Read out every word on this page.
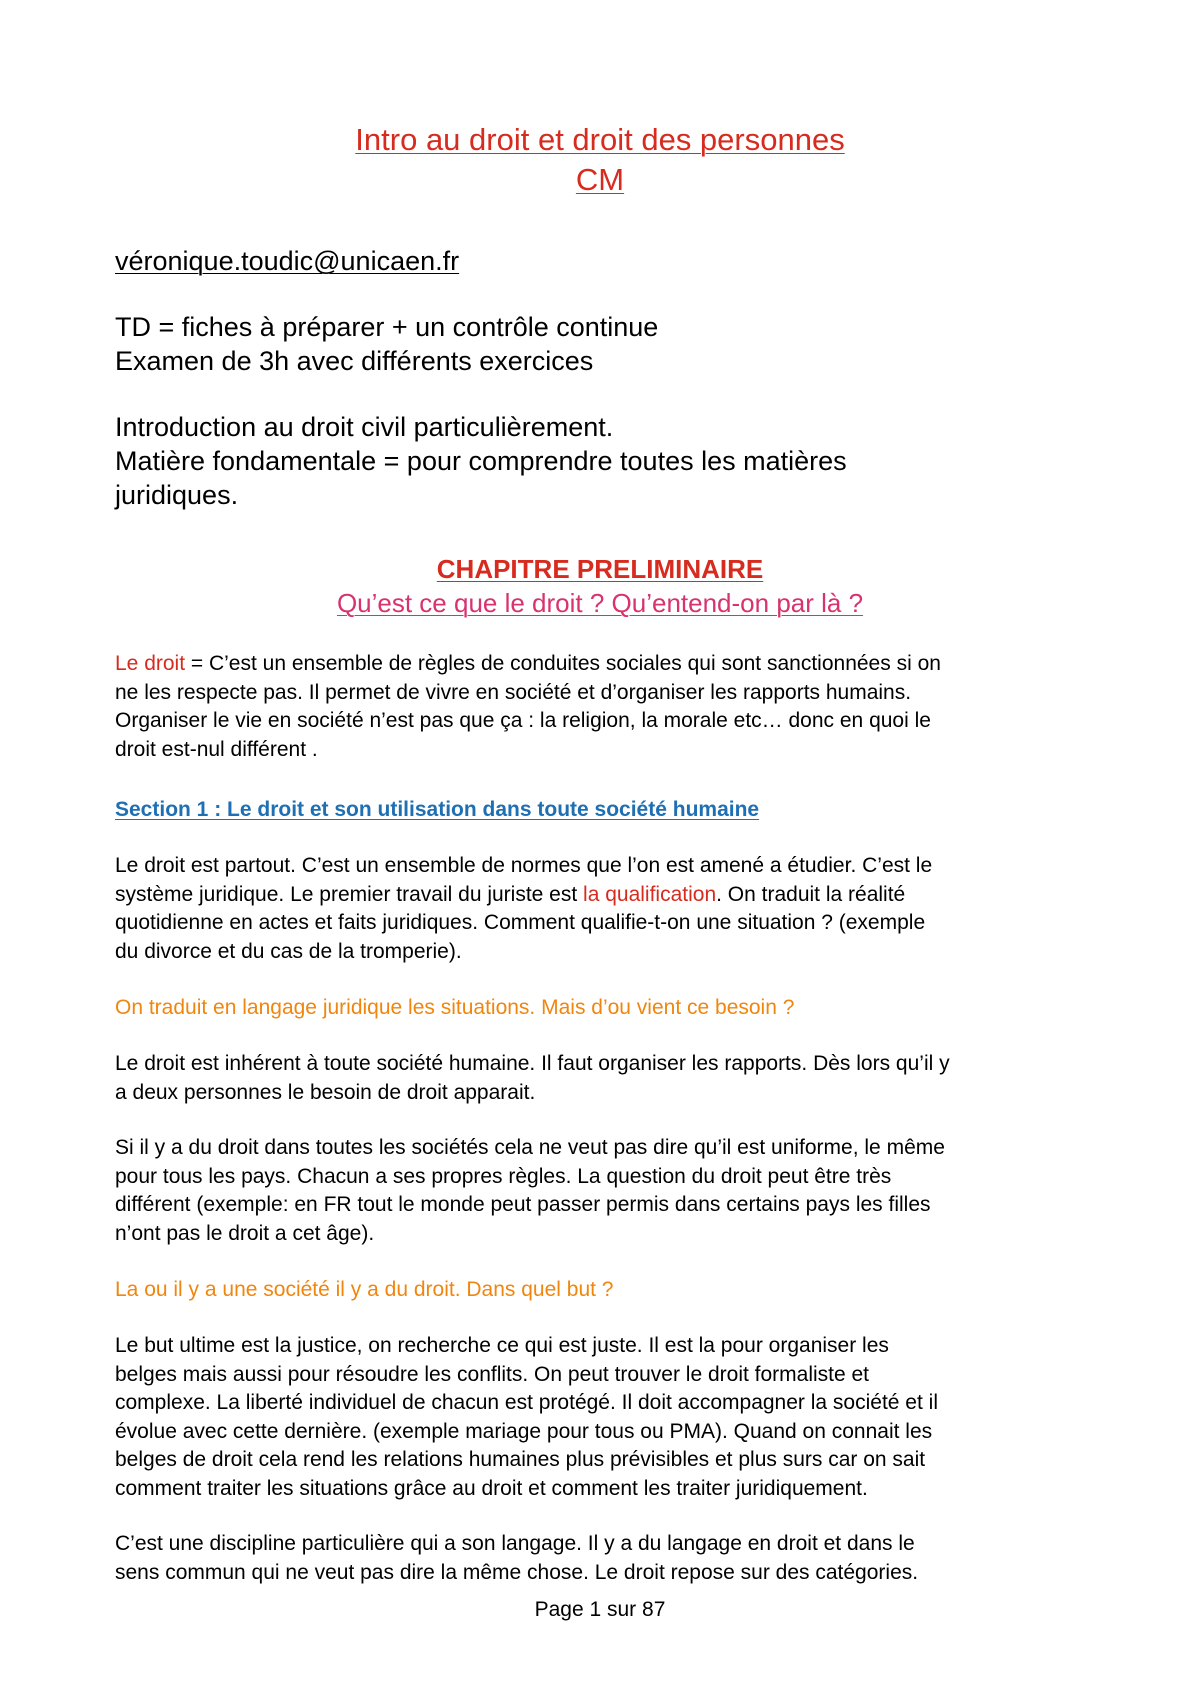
Intro au droit et droit des personnes
CM
véronique.toudic@unicaen.fr
TD = fiches à préparer + un contrôle continue
Examen de 3h avec différents exercices
Introduction au droit civil particulièrement.
Matière fondamentale = pour comprendre toutes les matières
juridiques.
CHAPITRE PRELIMINAIRE
Qu’est ce que le droit ? Qu’entend-on par là ?

Le droit = C’est un ensemble de règles de conduites sociales qui sont sanctionnées si on

ne les respecte pas. Il permet de vivre en société et d’organiser les rapports humains.

Organiser le vie en société n’est pas que ça : la religion, la morale etc… donc en quoi le

droit est-nul différent .

Section 1 : Le droit et son utilisation dans toute société humaine

Le droit est partout. C’est un ensemble de normes que l’on est amené a étudier. C’est le

système juridique. Le premier travail du juriste est la qualification. On traduit la réalité

quotidienne en actes et faits juridiques. Comment qualifie-t-on une situation ? (exemple

du divorce et du cas de la tromperie).

On traduit en langage juridique les situations. Mais d’ou vient ce besoin ?

Le droit est inhérent à toute société humaine. Il faut organiser les rapports. Dès lors qu’il y

a deux personnes le besoin de droit apparait.

Si il y a du droit dans toutes les sociétés cela ne veut pas dire qu’il est uniforme, le même

pour tous les pays. Chacun a ses propres règles. La question du droit peut être très

différent (exemple: en FR tout le monde peut passer permis dans certains pays les filles

n’ont pas le droit a cet âge).

La ou il y a une société il y a du droit. Dans quel but ?

Le but ultime est la justice, on recherche ce qui est juste. Il est la pour organiser les

belges mais aussi pour résoudre les conflits. On peut trouver le droit formaliste et

complexe. La liberté individuel de chacun est protégé. Il doit accompagner la société et il

évolue avec cette dernière. (exemple mariage pour tous ou PMA). Quand on connait les

belges de droit cela rend les relations humaines plus prévisibles et plus surs car on sait

comment traiter les situations grâce au droit et comment les traiter juridiquement.

C’est une discipline particulière qui a son langage. Il y a du langage en droit et dans le

sens commun qui ne veut pas dire la même chose. Le droit repose sur des catégories.

Page 1 sur 87
